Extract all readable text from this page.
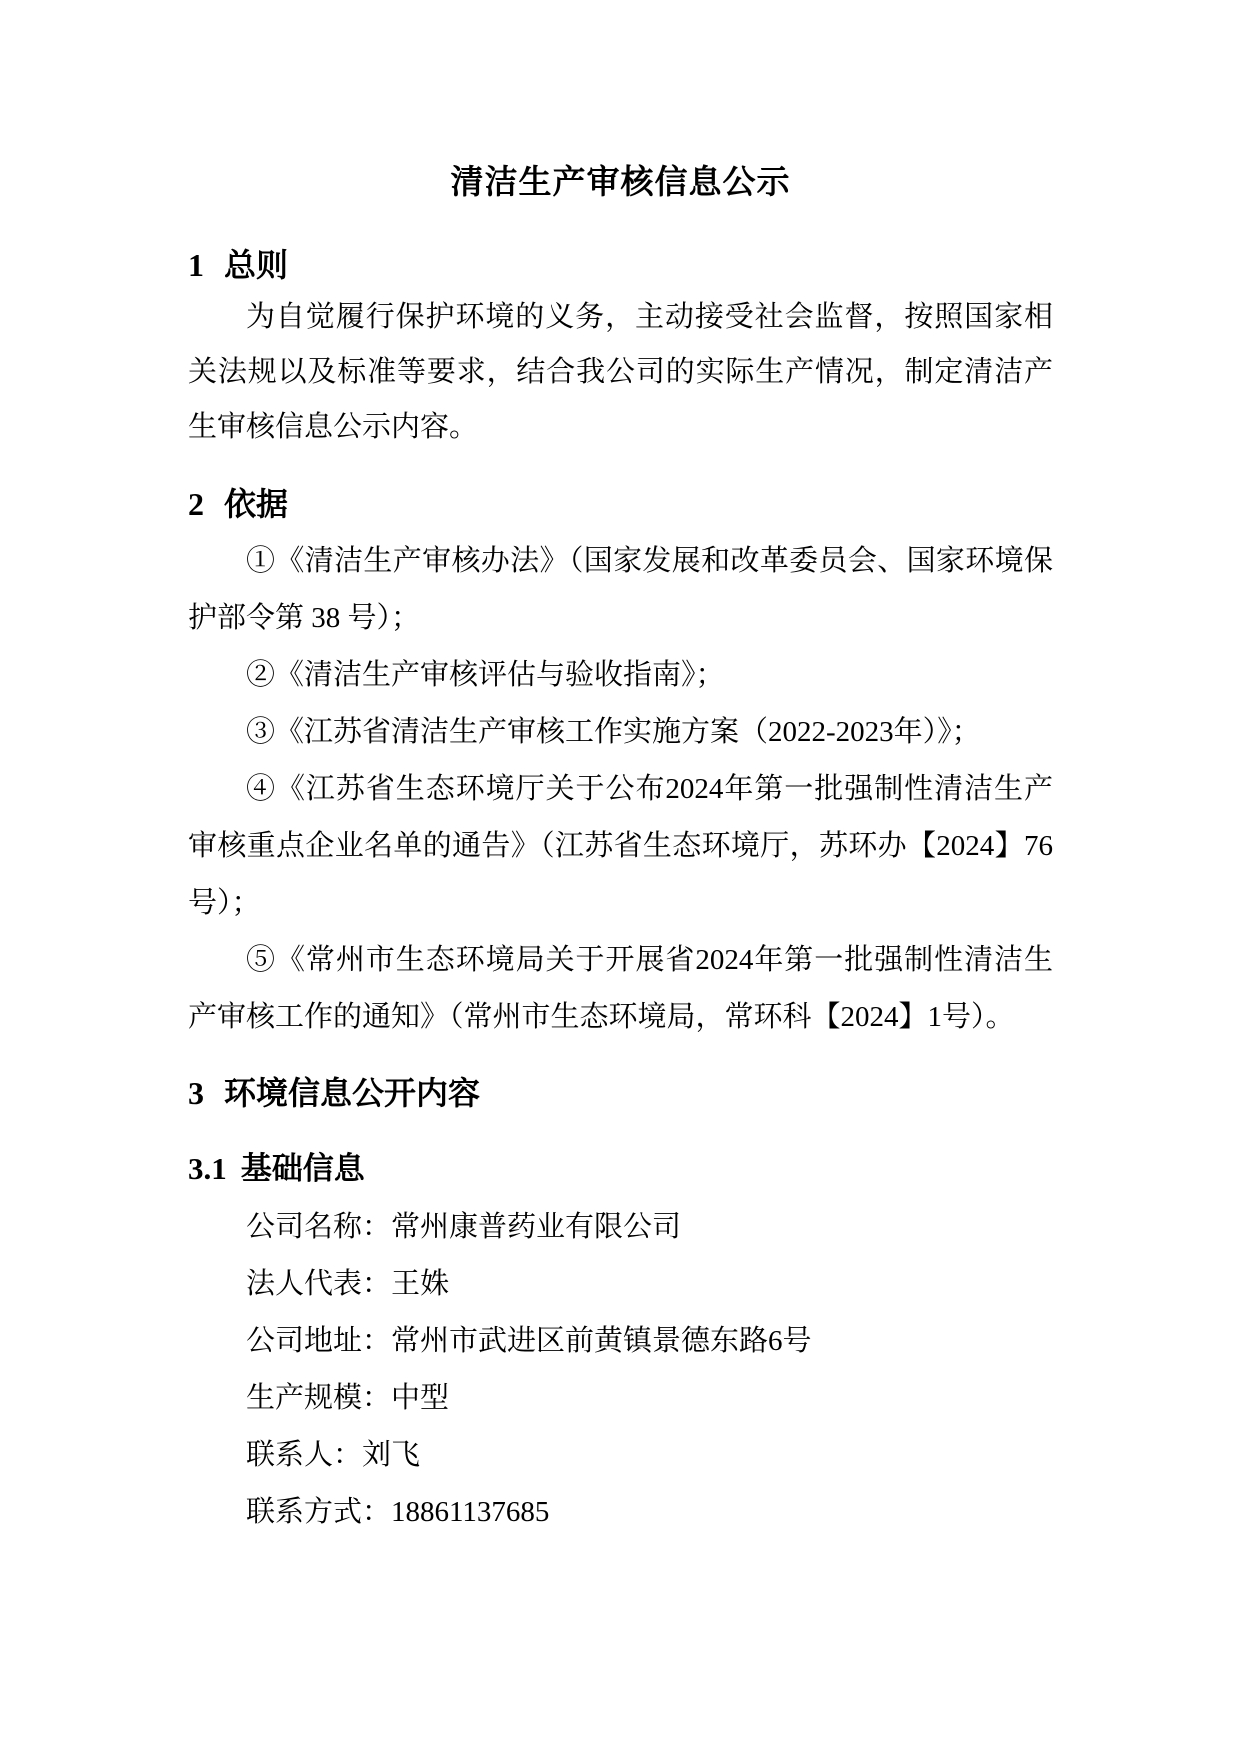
清洁生产审核信息公示
1 总则

为自觉履行保护环境的义务，主动接受社会监督，按照国家相关法规以及标准等要求，结合我公司的实际生产情况，制定清洁产生审核信息公示内容。

2 依据

①《清洁生产审核办法》（国家发展和改革委员会、国家环境保护部令第 38 号）；

②《清洁生产审核评估与验收指南》；

③《江苏省清洁生产审核工作实施方案（2022-2023年）》；

④《江苏省生态环境厅关于公布2024年第一批强制性清洁生产审核重点企业名单的通告》（江苏省生态环境厅，苏环办【2024】76号）；

⑤《常州市生态环境局关于开展省2024年第一批强制性清洁生产审核工作的通知》（常州市生态环境局，常环科【2024】1号）。

3 环境信息公开内容
3.1 基础信息

公司名称：常州康普药业有限公司

法人代表：王姝

公司地址：常州市武进区前黄镇景德东路6号

生产规模：中型

联系人：刘飞

联系方式：18861137685
